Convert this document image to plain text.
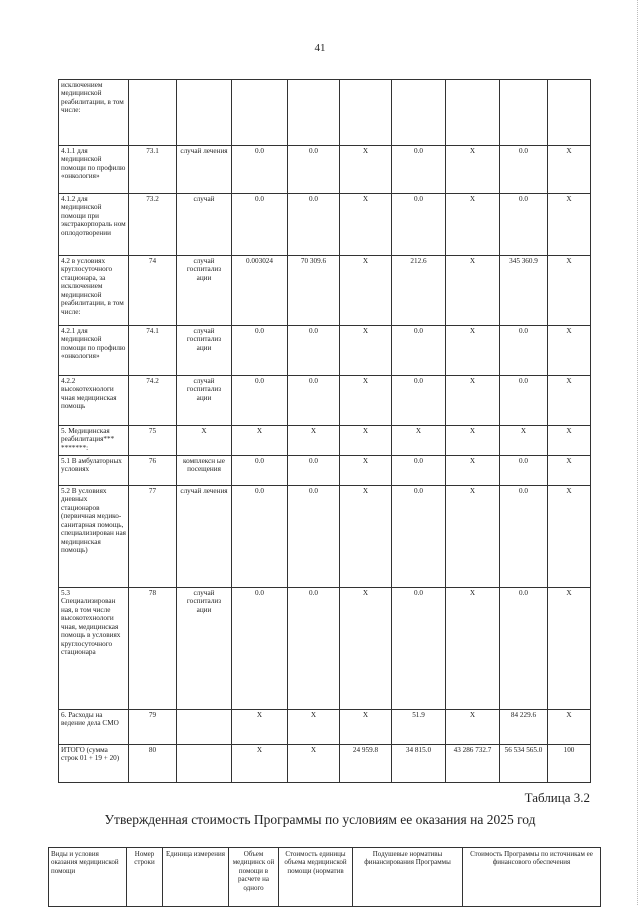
41
исключением медицинской реабилитации, в том числе:									
4.1.1 для медицинской помощи по профилю «онкология»	73.1	случай лечения	0.0	0.0	X	0.0	X	0.0	X
4.1.2 для медицинской помощи при экстракорпораль ном оплодотворении	73.2	случай	0.0	0.0	X	0.0	X	0.0	X
4.2 в условиях круглосуточного стационара, за исключением медицинской реабилитации, в том числе:	74	случай госпитализ ации	0.003024	70 309.6	X	212.6	X	345 360.9	X
4.2.1 для медицинской помощи по профилю «онкология»	74.1	случай госпитализ ации	0.0	0.0	X	0.0	X	0.0	X
4.2.2 высокотехнологи чная медицинская помощь	74.2	случай госпитализ ации	0.0	0.0	X	0.0	X	0.0	X
5. Медицинская реабилитация*** *******:	75	X	X	X	X	X	X	X	X
5.1 В амбулаторных условиях	76	комплексн ые посещения	0.0	0.0	X	0.0	X	0.0	X
5.2 В условиях дневных стационаров (первичная медико-санитарная помощь, специализирован ная медицинская помощь)	77	случай лечения	0.0	0.0	X	0.0	X	0.0	X
5.3 Специализирован ная, в том числе высокотехнологи чная, медицинская помощь в условиях круглосуточного стационара	78	случай госпитализ ации	0.0	0.0	X	0.0	X	0.0	X
6. Расходы на ведение дела СМО	79		X	X	X	51.9	X	84 229.6	X
ИТОГО (сумма строк 01 + 19 + 20)	80		X	X	24 959.8	34 815.0	43 286 732.7	56 534 565.0	100
Таблица 3.2
Утвержденная стоимость Программы по условиям ее оказания на 2025 год
Виды и условия оказания медицинской помощи	Номер строки	Единица измерения	Объем медицинск ой помощи в расчете на одного	Стоимость единицы объема медицинской помощи (норматив	Подушевые нормативы финансирования Программы	Стоимость Программы по источникам ее финансового обеспечения
